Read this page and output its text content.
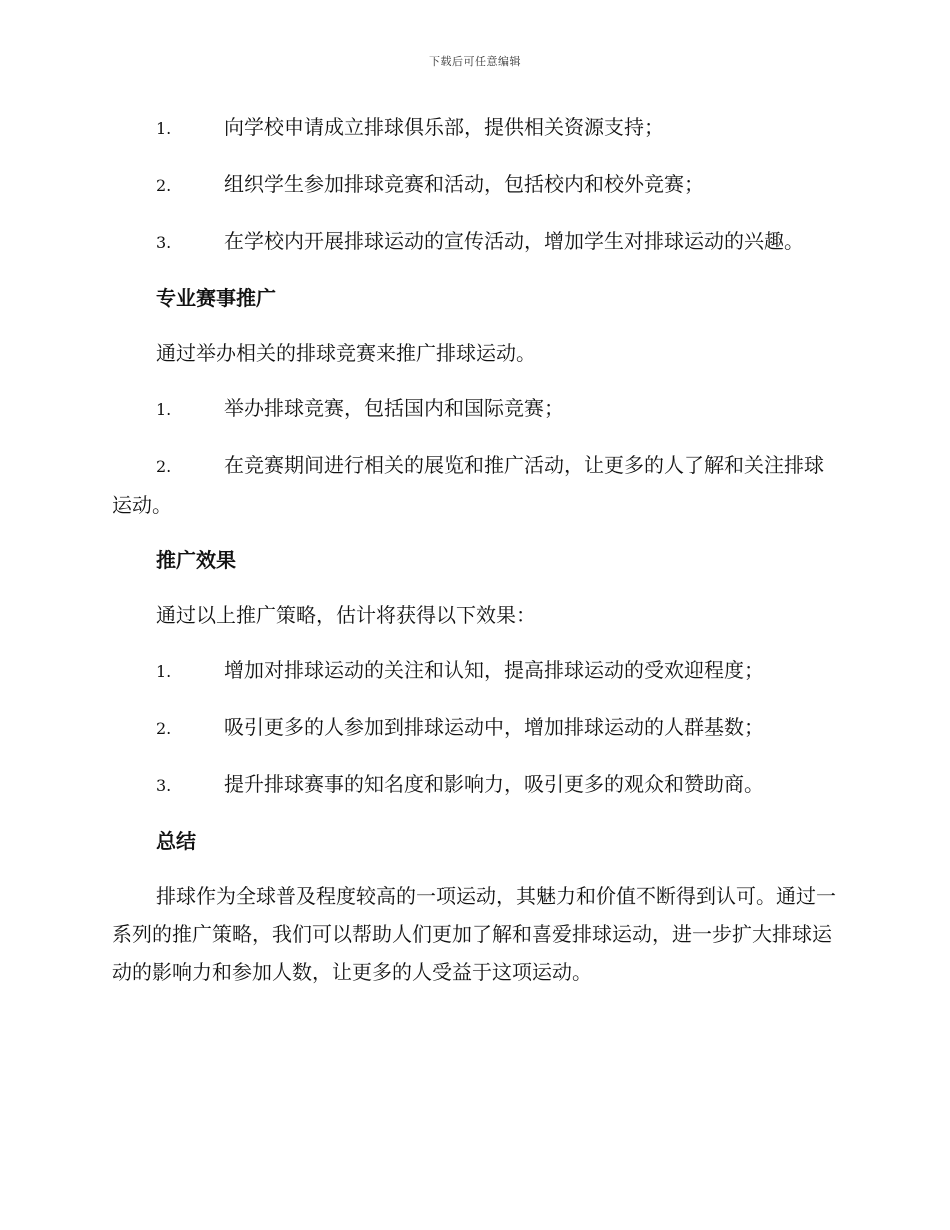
下载后可任意编辑
1.	向学校申请成立排球俱乐部，提供相关资源支持；
2.	组织学生参加排球竞赛和活动，包括校内和校外竞赛；
3.	在学校内开展排球运动的宣传活动，增加学生对排球运动的兴趣。
专业赛事推广
通过举办相关的排球竞赛来推广排球运动。
1.	举办排球竞赛，包括国内和国际竞赛；
2.	在竞赛期间进行相关的展览和推广活动，让更多的人了解和关注排球运动。
推广效果
通过以上推广策略，估计将获得以下效果：
1.	增加对排球运动的关注和认知，提高排球运动的受欢迎程度；
2.	吸引更多的人参加到排球运动中，增加排球运动的人群基数；
3.	提升排球赛事的知名度和影响力，吸引更多的观众和赞助商。
总结
排球作为全球普及程度较高的一项运动，其魅力和价值不断得到认可。通过一系列的推广策略，我们可以帮助人们更加了解和喜爱排球运动，进一步扩大排球运动的影响力和参加人数，让更多的人受益于这项运动。
